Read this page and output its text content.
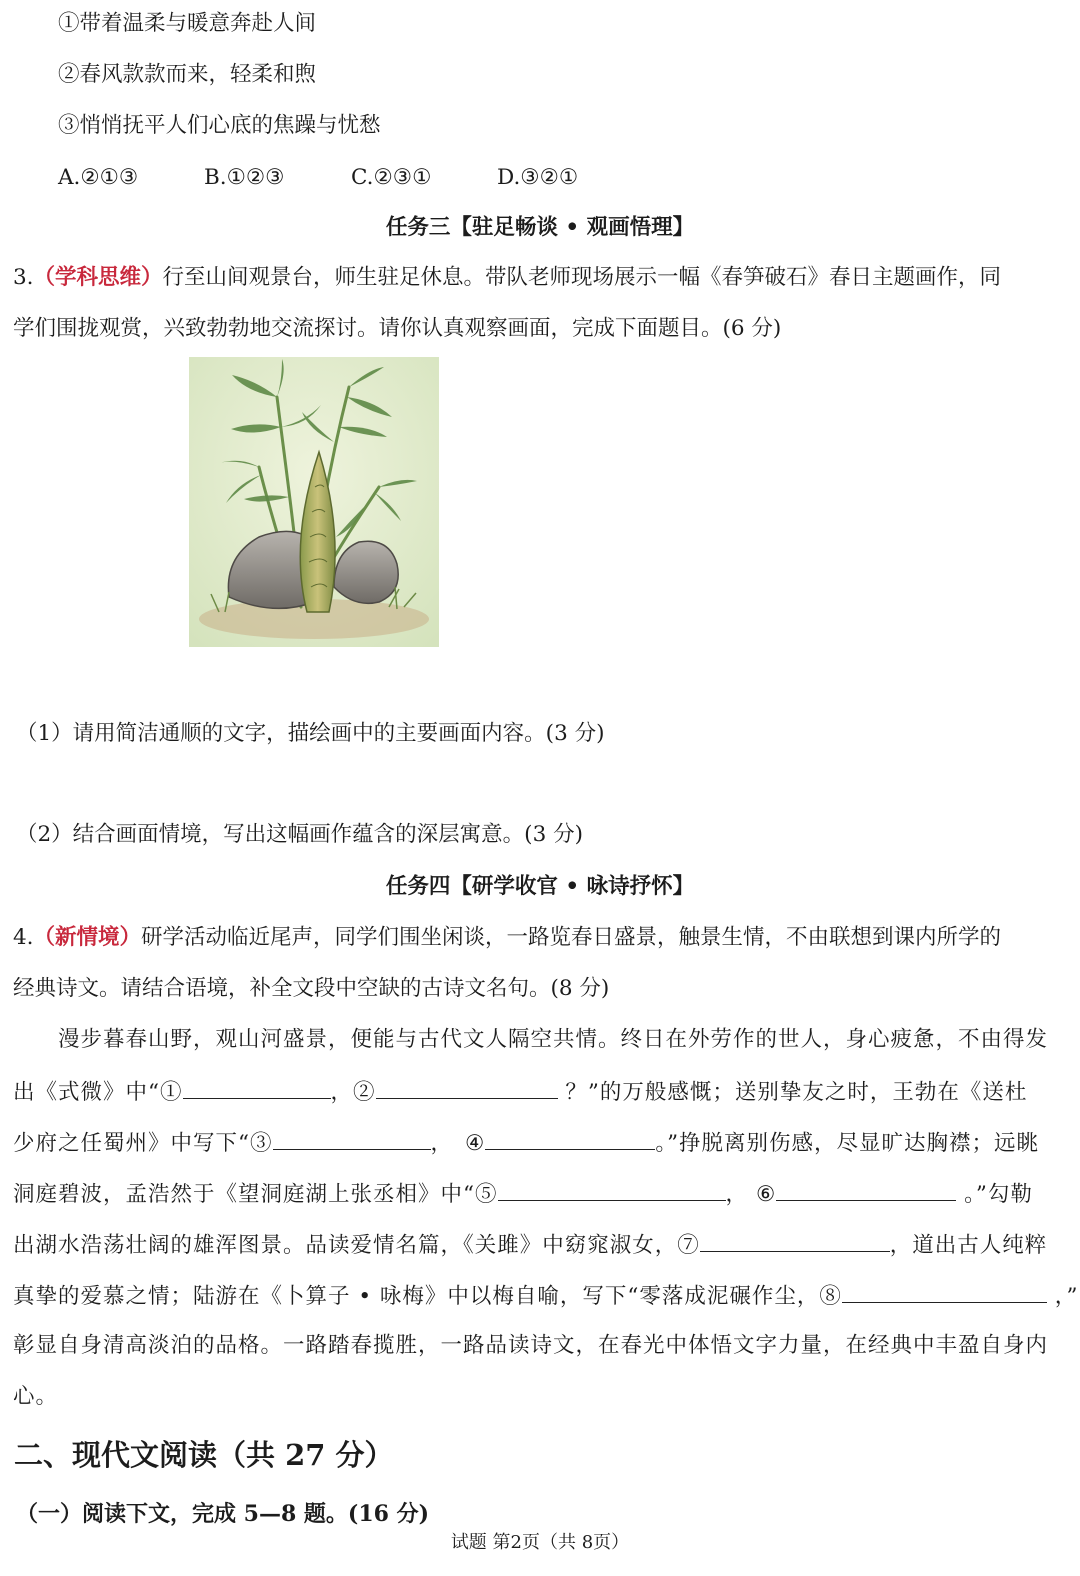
①带着温柔与暖意奔赴人间
②春风款款而来，轻柔和煦
③悄悄抚平人们心底的焦躁与忧愁
A.②①③	B.①②③	C.②③①	D.③②①
任务三【驻足畅谈 • 观画悟理】
3.（学科思维）行至山间观景台，师生驻足休息。带队老师现场展示一幅《春笋破石》春日主题画作，同
学们围拢观赏，兴致勃勃地交流探讨。请你认真观察画面，完成下面题目。(6 分)
（1）请用简洁通顺的文字，描绘画中的主要画面内容。(3 分)
（2）结合画面情境，写出这幅画作蕴含的深层寓意。(3 分)
任务四【研学收官 • 咏诗抒怀】
4.（新情境）研学活动临近尾声，同学们围坐闲谈，一路览春日盛景，触景生情，不由联想到课内所学的
经典诗文。请结合语境，补全文段中空缺的古诗文名句。(8 分)
漫步暮春山野，观山河盛景，便能与古代文人隔空共情。终日在外劳作的世人，身心疲惫，不由得发
出《式微》中“①	，②	？”的万般感慨；送别挚友之时，王勃在《送杜
少府之任蜀州》中写下“③	， ④	。”挣脱离别伤感，尽显旷达胸襟；远眺
洞庭碧波，孟浩然于《望洞庭湖上张丞相》中“⑤	， ⑥	。”勾勒
出湖水浩荡壮阔的雄浑图景。品读爱情名篇，《关雎》中窈窕淑女，⑦	，道出古人纯粹
真挚的爱慕之情；陆游在《卜算子 • 咏梅》中以梅自喻，写下“零落成泥碾作尘，⑧	，”
彰显自身清高淡泊的品格。一路踏春揽胜，一路品读诗文，在春光中体悟文字力量，在经典中丰盈自身内
心。
二、现代文阅读（共 27 分）
（一）阅读下文，完成 5—8 题。(16 分)
试题 第2页（共 8页）
